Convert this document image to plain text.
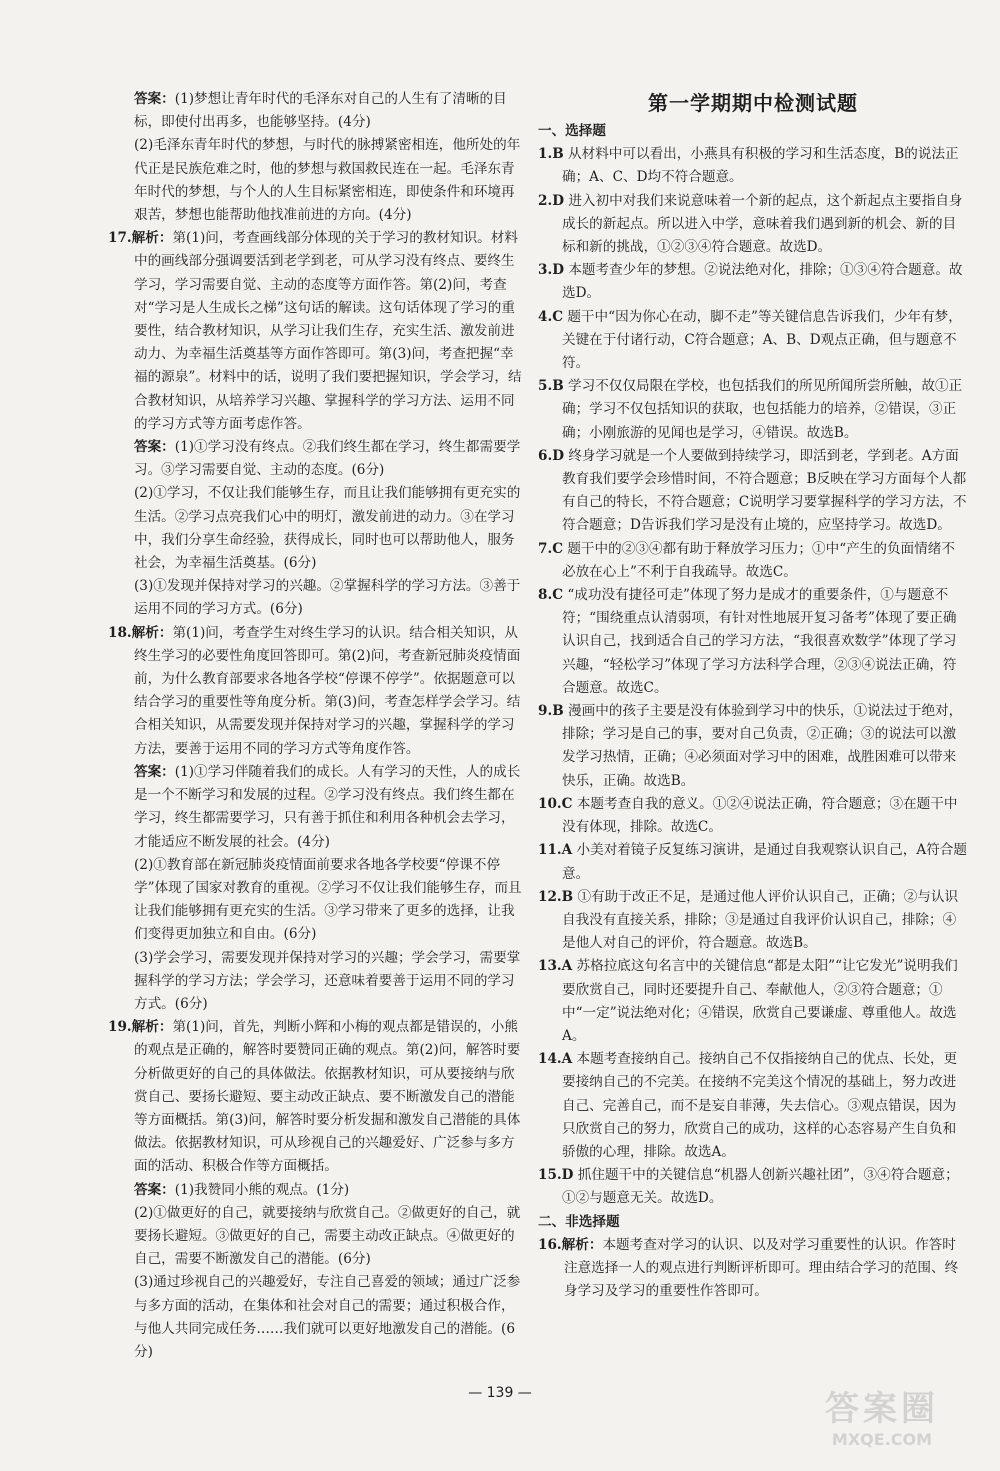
答案：(1)梦想让青年时代的毛泽东对自己的人生有了清晰的目标，即使付出再多，也能够坚持。(4分)

(2)毛泽东青年时代的梦想，与时代的脉搏紧密相连，他所处的年代正是民族危难之时，他的梦想与救国救民连在一起。毛泽东青年时代的梦想，与个人的人生目标紧密相连，即使条件和环境再艰苦，梦想也能帮助他找准前进的方向。(4分)

17.解析：第(1)问，考查画线部分体现的关于学习的教材知识。材料中的画线部分强调要活到老学到老，可从学习没有终点、要终生学习，学习需要自觉、主动的态度等方面作答。第(2)问，考查对“学习是人生成长之梯”这句话的解读。这句话体现了学习的重要性，结合教材知识，从学习让我们生存，充实生活、激发前进动力、为幸福生活奠基等方面作答即可。第(3)问，考查把握“幸福的源泉”。材料中的话，说明了我们要把握知识，学会学习，结合教材知识，从培养学习兴趣、掌握科学的学习方法、运用不同的学习方式等方面考虑作答。

答案：(1)①学习没有终点。②我们终生都在学习，终生都需要学习。③学习需要自觉、主动的态度。(6分)

(2)①学习，不仅让我们能够生存，而且让我们能够拥有更充实的生活。②学习点亮我们心中的明灯，激发前进的动力。③在学习中，我们分享生命经验，获得成长，同时也可以帮助他人，服务社会，为幸福生活奠基。(6分)

(3)①发现并保持对学习的兴趣。②掌握科学的学习方法。③善于运用不同的学习方式。(6分)

18.解析：第(1)问，考查学生对终生学习的认识。结合相关知识，从终生学习的必要性角度回答即可。第(2)问，考查新冠肺炎疫情面前，为什么教育部要求各地各学校“停课不停学”。依据题意可以结合学习的重要性等角度分析。第(3)问，考查怎样学会学习。结合相关知识，从需要发现并保持对学习的兴趣，掌握科学的学习方法，要善于运用不同的学习方式等角度作答。

答案：(1)①学习伴随着我们的成长。人有学习的天性，人的成长是一个不断学习和发展的过程。②学习没有终点。我们终生都在学习，终生都需要学习，只有善于抓住和利用各种机会去学习，才能适应不断发展的社会。(4分)

(2)①教育部在新冠肺炎疫情面前要求各地各学校要“停课不停学”体现了国家对教育的重视。②学习不仅让我们能够生存，而且让我们能够拥有更充实的生活。③学习带来了更多的选择，让我们变得更加独立和自由。(6分)

(3)学会学习，需要发现并保持对学习的兴趣；学会学习，需要掌握科学的学习方法；学会学习，还意味着要善于运用不同的学习方式。(6分)

19.解析：第(1)问，首先，判断小辉和小梅的观点都是错误的，小熊的观点是正确的，解答时要赞同正确的观点。第(2)问，解答时要分析做更好的自己的具体做法。依据教材知识，可从要接纳与欣赏自己、要扬长避短、要主动改正缺点、要不断激发自己的潜能等方面概括。第(3)问，解答时要分析发掘和激发自己潜能的具体做法。依据教材知识，可从珍视自己的兴趣爱好、广泛参与多方面的活动、积极合作等方面概括。

答案：(1)我赞同小熊的观点。(1分)

(2)①做更好的自己，就要接纳与欣赏自己。②做更好的自己，就要扬长避短。③做更好的自己，需要主动改正缺点。④做更好的自己，需要不断激发自己的潜能。(6分)

(3)通过珍视自己的兴趣爱好，专注自己喜爱的领域；通过广泛参与多方面的活动，在集体和社会对自己的需要；通过积极合作，与他人共同完成任务……我们就可以更好地激发自己的潜能。(6分)

第一学期期中检测试题
一、选择题

1.B 从材料中可以看出，小燕具有积极的学习和生活态度，B的说法正确；A、C、D均不符合题意。

2.D 进入初中对我们来说意味着一个新的起点，这个新起点主要指自身成长的新起点。所以进入中学，意味着我们遇到新的机会、新的目标和新的挑战，①②③④符合题意。故选D。

3.D 本题考查少年的梦想。②说法绝对化，排除；①③④符合题意。故选D。

4.C 题干中“因为你心在动，脚不走”等关键信息告诉我们，少年有梦，关键在于付诸行动，C符合题意；A、B、D观点正确，但与题意不符。

5.B 学习不仅仅局限在学校，也包括我们的所见所闻所尝所触，故①正确；学习不仅包括知识的获取，也包括能力的培养，②错误，③正确；小刚旅游的见闻也是学习，④错误。故选B。

6.D 终身学习就是一个人要做到持续学习，即活到老，学到老。A方面教育我们要学会珍惜时间，不符合题意；B反映在学习方面每个人都有自己的特长，不符合题意；C说明学习要掌握科学的学习方法，不符合题意；D告诉我们学习是没有止境的，应坚持学习。故选D。

7.C 题干中的②③④都有助于释放学习压力；①中“产生的负面情绪不必放在心上”不利于自我疏导。故选C。

8.C “成功没有捷径可走”体现了努力是成才的重要条件，①与题意不符；“围绕重点认清弱项，有针对性地展开复习备考”体现了要正确认识自己，找到适合自己的学习方法，“我很喜欢数学”体现了学习兴趣，“轻松学习”体现了学习方法科学合理，②③④说法正确，符合题意。故选C。

9.B 漫画中的孩子主要是没有体验到学习中的快乐，①说法过于绝对，排除；学习是自己的事，要对自己负责，②正确；③的说法可以激发学习热情，正确；④必须面对学习中的困难，战胜困难可以带来快乐，正确。故选B。

10.C 本题考查自我的意义。①②④说法正确，符合题意；③在题干中没有体现，排除。故选C。

11.A 小美对着镜子反复练习演讲，是通过自我观察认识自己，A符合题意。

12.B ①有助于改正不足，是通过他人评价认识自己，正确；②与认识自我没有直接关系，排除；③是通过自我评价认识自己，排除；④是他人对自己的评价，符合题意。故选B。

13.A 苏格拉底这句名言中的关键信息“都是太阳”“让它发光”说明我们要欣赏自己，同时还要提升自己、奉献他人，②③符合题意；①中“一定”说法绝对化；④错误，欣赏自己要谦虚、尊重他人。故选A。

14.A 本题考查接纳自己。接纳自己不仅指接纳自己的优点、长处，更要接纳自己的不完美。在接纳不完美这个情况的基础上，努力改进自己、完善自己，而不是妄自菲薄，失去信心。③观点错误，因为只欣赏自己的努力，欣赏自己的成功，这样的心态容易产生自负和骄傲的心理，排除。故选A。

15.D 抓住题干中的关键信息“机器人创新兴趣社团”，③④符合题意；①②与题意无关。故选D。

二、非选择题

16.解析：本题考查对学习的认识、以及对学习重要性的认识。作答时注意选择一人的观点进行判断评析即可。理由结合学习的范围、终身学习及学习的重要性作答即可。

— 139 —	答案圈
MXQE.COM
